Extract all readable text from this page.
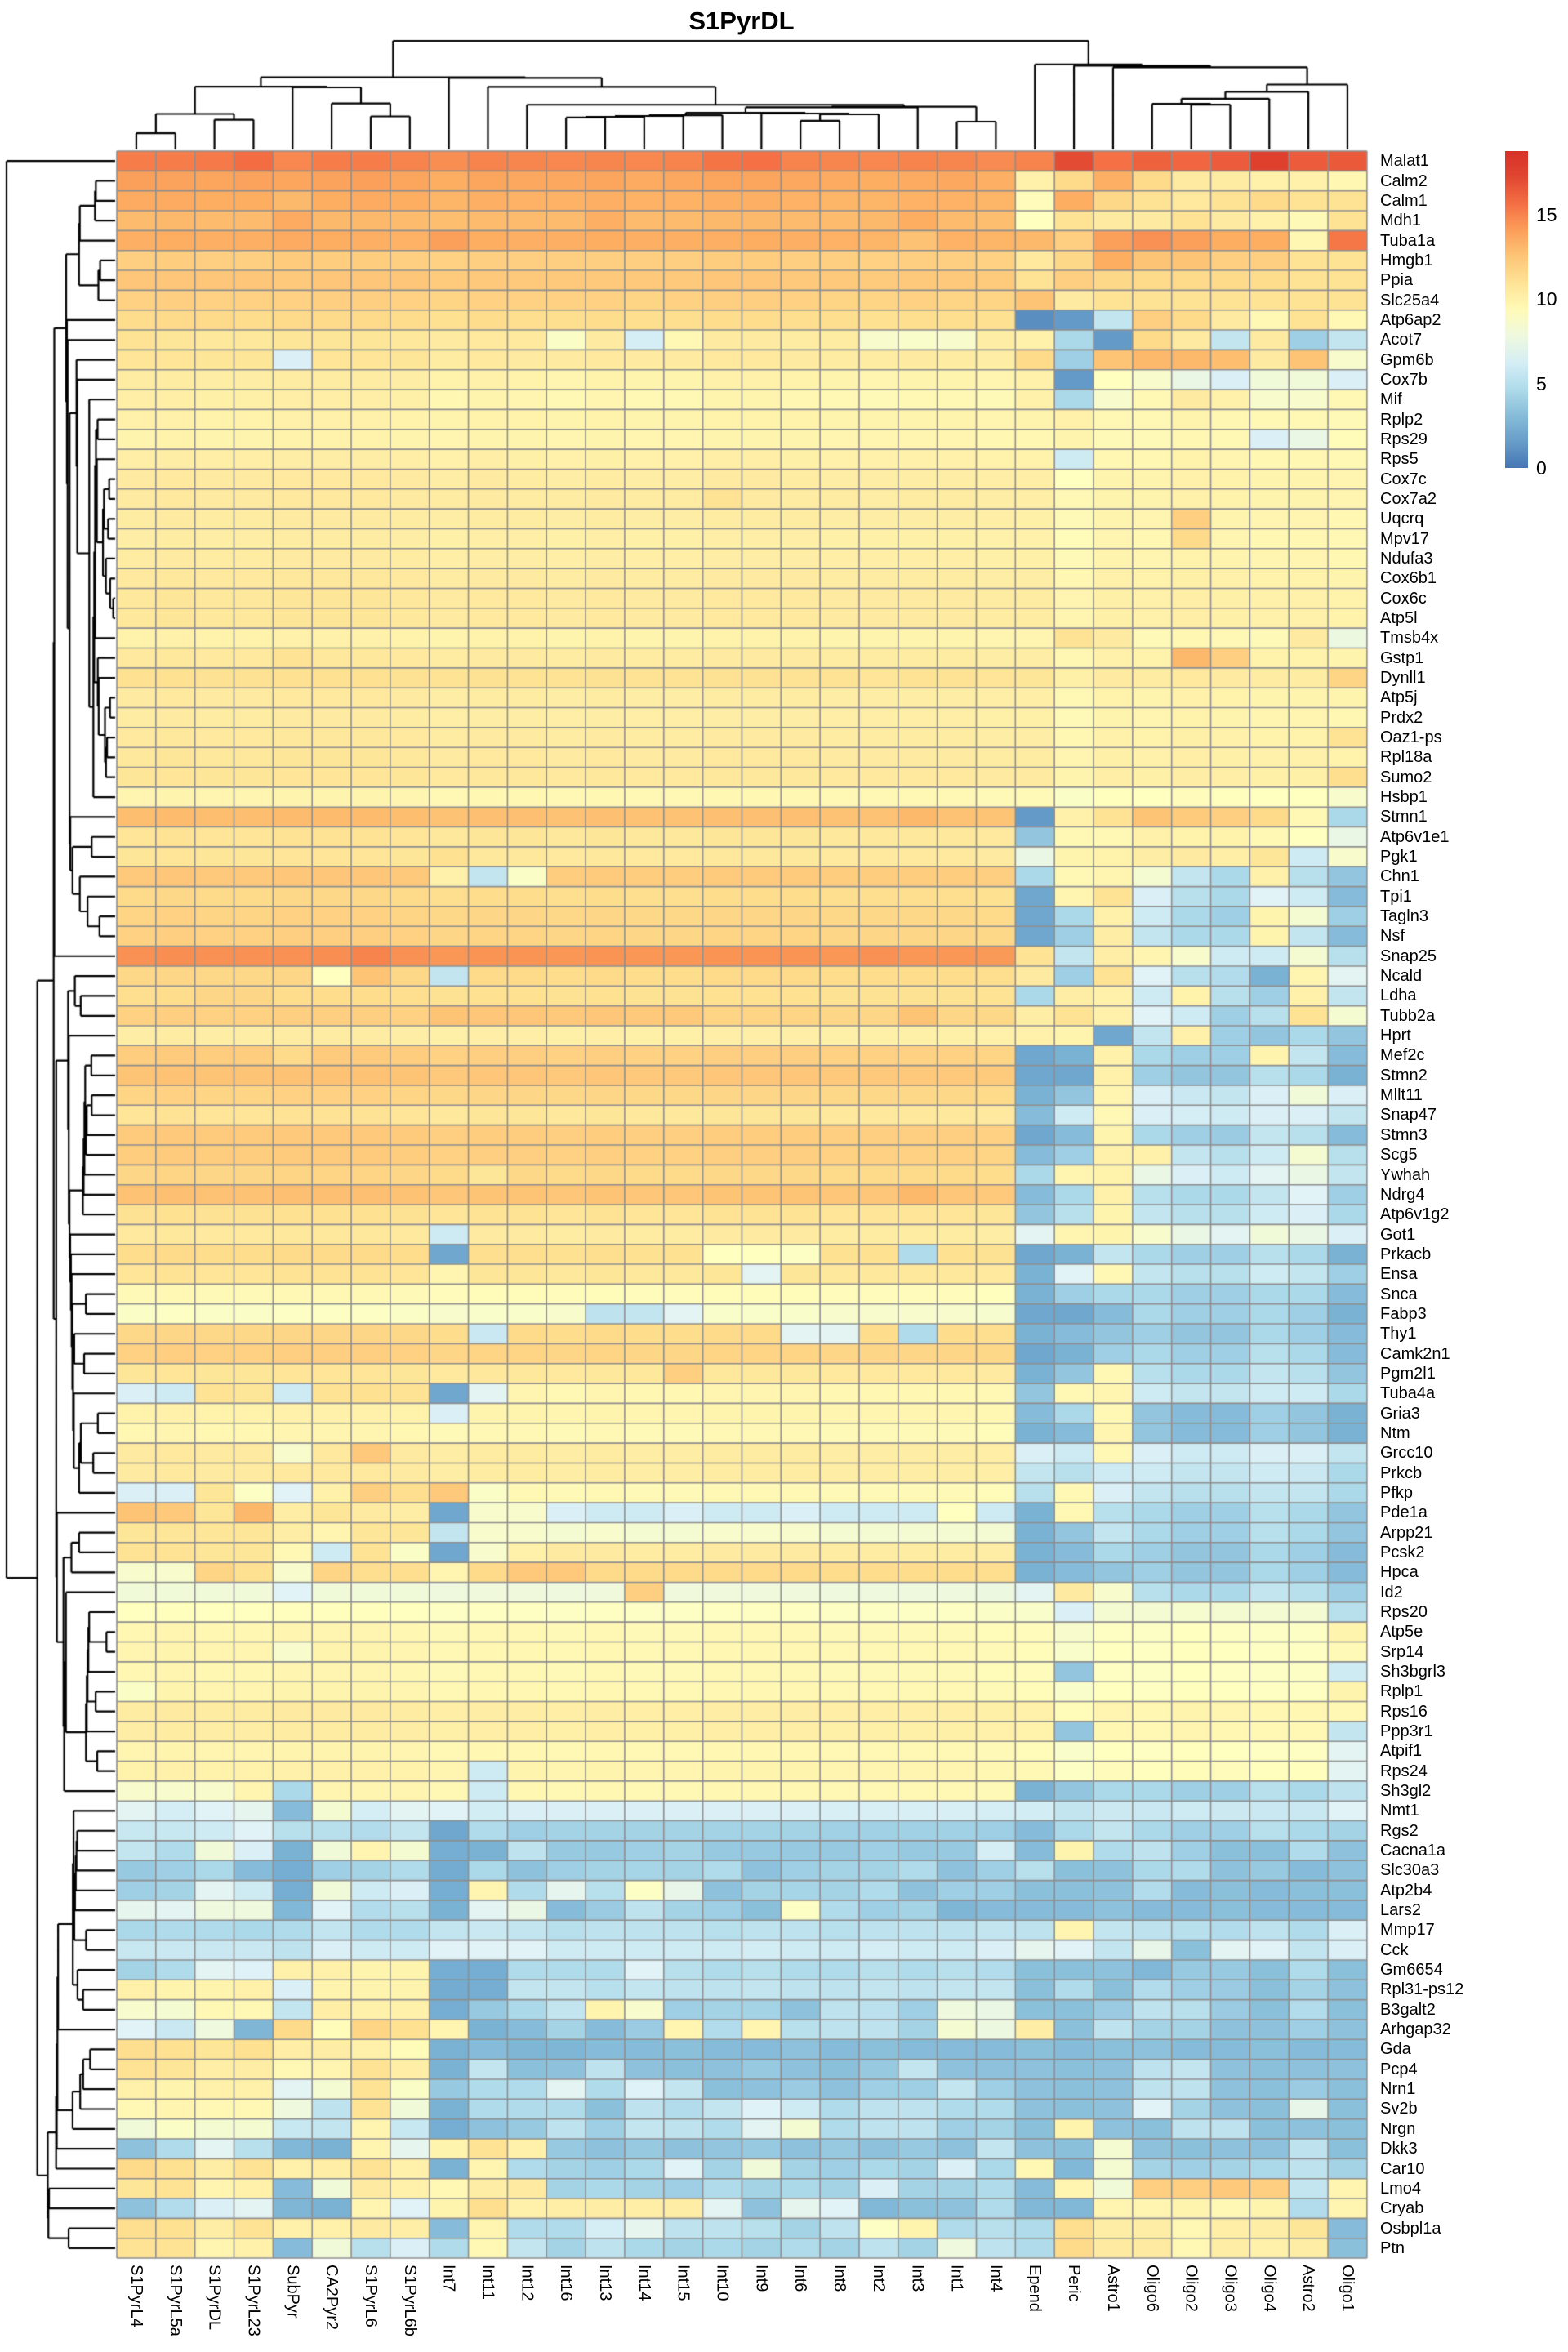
Malat1
Calm2
Calm1
Mdh1
Tuba1a
Hmgb1
Ppia
Slc25a4
Atp6ap2
Acot7
Gpm6b
Cox7b
Mif
Rplp2
Rps29
Rps5
Cox7c
Cox7a2
Uqcrq
Mpv17
Ndufa3
Cox6b1
Cox6c
Atp5l
Tmsb4x
Gstp1
Dynll1
Atp5j
Prdx2
Oaz1-ps
Rpl18a
Sumo2
Hsbp1
Stmn1
Atp6v1e1
Pgk1
Chn1
Tpi1
Tagln3
Nsf
Snap25
Ncald
Ldha
Tubb2a
Hprt
Mef2c
Stmn2
Mllt11
Snap47
Stmn3
Scg5
Ywhah
Ndrg4
Atp6v1g2
Got1
Prkacb
Ensa
Snca
Fabp3
Thy1
Camk2n1
Pgm2l1
Tuba4a
Gria3
Ntm
Grcc10
Prkcb
Pfkp
Pde1a
Arpp21
Pcsk2
Hpca
Id2
Rps20
Atp5e
Srp14
Sh3bgrl3
Rplp1
Rps16
Ppp3r1
Atpif1
Rps24
Sh3gl2
Nmt1
Rgs2
Cacna1a
Slc30a3
Atp2b4
Lars2
Mmp17
Cck
Gm6654
Rpl31-ps12
B3galt2
Arhgap32
Gda
Pcp4
Nrn1
Sv2b
Nrgn
Dkk3
Car10
Lmo4
Cryab
Osbpl1a
Ptn
S1PyrL4 S1PyrL5a S1PyrDL S1PyrL23 SubPyr CA2Pyr2 S1PyrL6 S1PyrL6b Int7 Int11 Int12 Int16 Int13 Int14 Int15 Int10 Int9 Int6 Int8 Int2 Int3 Int1 Int4 Epend Peric Astro1 Oligo6 Oligo2 Oligo3 Oligo4 Astro2 Oligo1
15
10
5
0
